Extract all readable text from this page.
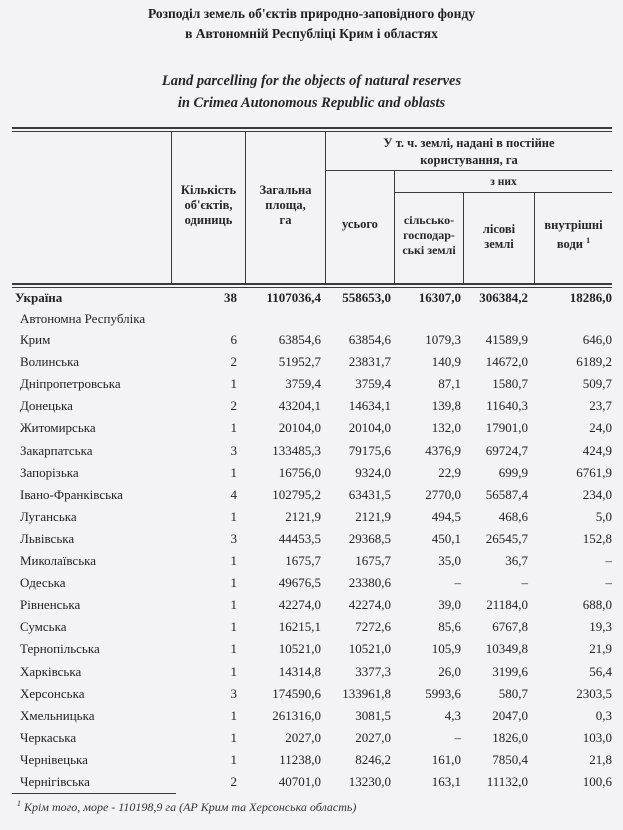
Розподіл земель об'єктів природно-заповідного фонду
в Автономній Республіці Крим і областях
Land parcelling for the objects of natural reserves
in Crimea Autonomous Republic and oblasts
Кількість
об'єктів,
одиниць
Загальна
площа,
га
У т. ч. землі, надані в постійне
користування, га
усього
з них
сільсько-
господар-
ські землі
лісові
землі
внутрішні
води $^1$
Україна	38 1107036,4 558653,0 16307,0 306384,2	18286,0
Автономна Республіка
Крим	6	63854,6 63854,6	1079,3 41589,9	646,0
Волинська	2	51952,7 23831,7	140,9 14672,0	6189,2
Дніпропетровська	1	3759,4	3759,4	87,1 1580,7	509,7
Донецька	2	43204,1 14634,1	139,8 11640,3	23,7
Житомирська	1	20104,0 20104,0	132,0 17901,0	24,0
Закарпатська	3	133485,3 79175,6	4376,9 69724,7	424,9
Запорізька	1	16756,0	9324,0	22,9	699,9	6761,9
Івано-Франківська	4	102795,2 63431,5	2770,0 56587,4	234,0
Луганська	1	2121,9	2121,9	494,5	468,6	5,0
Львівська	3	44453,5 29368,5	450,1 26545,7	152,8
Миколаївська	1	1675,7	1675,7	35,0	36,7	–
Одеська	1	49676,5 23380,6	–	–	–
Рівненська	1	42274,0 42274,0	39,0 21184,0	688,0
Сумська	1	16215,1	7272,6	85,6 6767,8	19,3
Тернопільська	1	10521,0 10521,0	105,9 10349,8	21,9
Харківська	1	14314,8	3377,3	26,0 3199,6	56,4
Херсонська	3	174590,6 133961,8	5993,6	580,7	2303,5
Хмельницька	1	261316,0	3081,5	4,3 2047,0	0,3
Черкаська	1	2027,0	2027,0	– 1826,0	103,0
Чернівецька	1	11238,0	8246,2	161,0 7850,4	21,8
Чернігівська	2	40701,0 13230,0	163,1 11132,0	100,6
$^1$ Крім того, море - 110198,9 га (АР Крим та Херсонська область)
